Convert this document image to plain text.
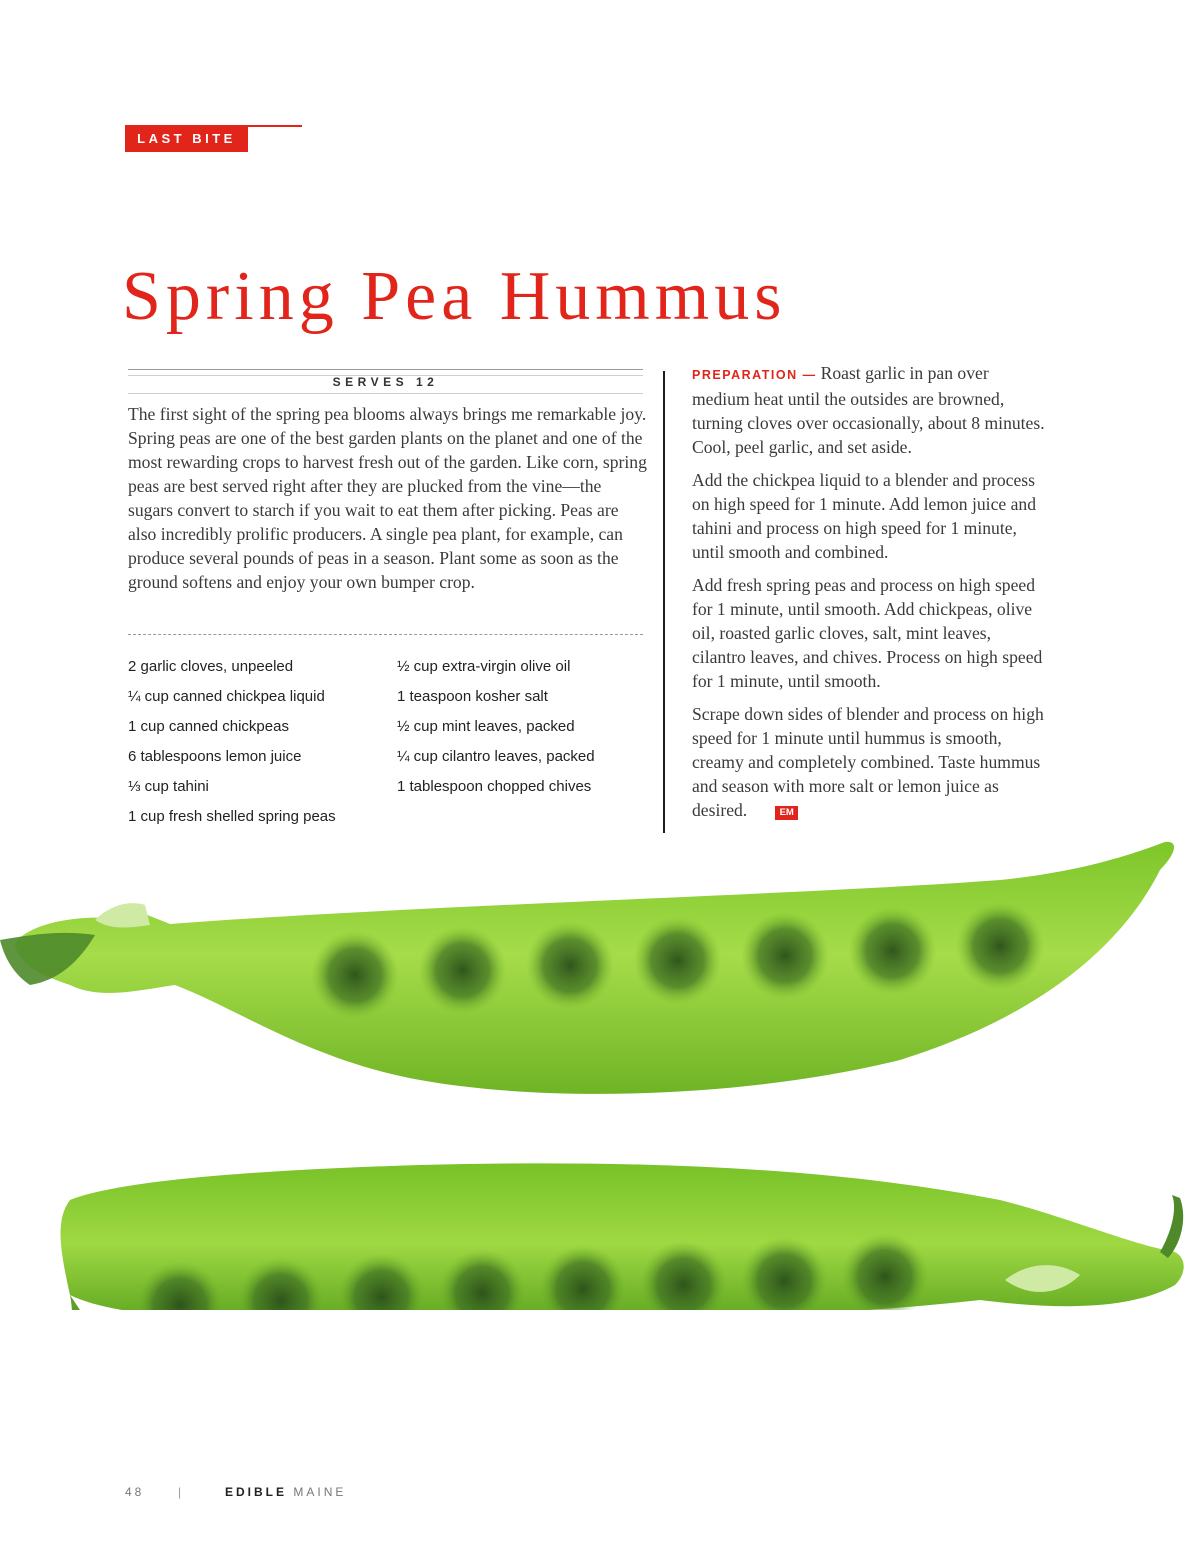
LAST BITE
Spring Pea Hummus
SERVES 12

The first sight of the spring pea blooms always brings me remarkable joy. Spring peas are one of the best garden plants on the planet and one of the most rewarding crops to harvest fresh out of the garden. Like corn, spring peas are best served right after they are plucked from the vine—the sugars convert to starch if you wait to eat them after picking. Peas are also incredibly prolific producers. A single pea plant, for example, can produce several pounds of peas in a season. Plant some as soon as the ground softens and enjoy your own bumper crop.

2 garlic cloves, unpeeled
¼ cup canned chickpea liquid
1 cup canned chickpeas
6 tablespoons lemon juice
⅓ cup tahini
1 cup fresh shelled spring peas
½ cup extra-virgin olive oil
1 teaspoon kosher salt
½ cup mint leaves, packed
¼ cup cilantro leaves, packed
1 tablespoon chopped chives

PREPARATION — Roast garlic in pan over medium heat until the outsides are browned, turning cloves over occasionally, about 8 minutes. Cool, peel garlic, and set aside.

Add the chickpea liquid to a blender and process on high speed for 1 minute. Add lemon juice and tahini and process on high speed for 1 minute, until smooth and combined.

Add fresh spring peas and process on high speed for 1 minute, until smooth. Add chickpeas, olive oil, roasted garlic cloves, salt, mint leaves, cilantro leaves, and chives. Process on high speed for 1 minute, until smooth.

Scrape down sides of blender and process on high speed for 1 minute until hummus is smooth, creamy and completely combined. Taste hummus and season with more salt or lemon juice as desired.	EM

48	|	EDIBLE MAINE
